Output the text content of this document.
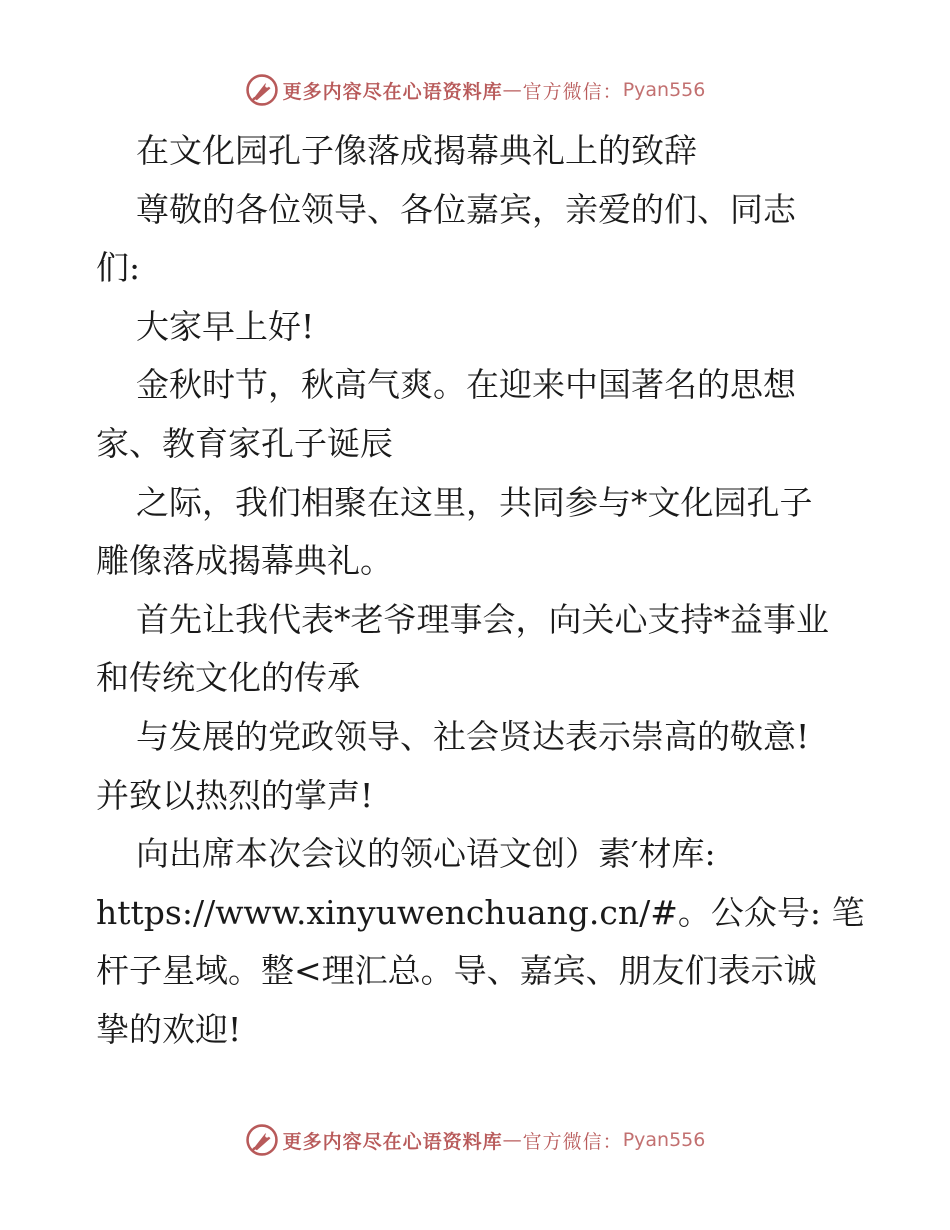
更多内容尽在心语资料库 — 官方微信： Pyan556

在文化园孔子像落成揭幕典礼上的致辞

尊敬的各位领导、各位嘉宾，亲爱的们、同志
们:

大家早上好!

金秋时节，秋高气爽。在迎来中国著名的思想
家、教育家孔子诞辰

之际，我们相聚在这里，共同参与*文化园孔子
雕像落成揭幕典礼。

首先让我代表*老爷理事会，向关心支持*益事业
和传统文化的传承

与发展的党政领导、社会贤达表示崇高的敬意!
并致以热烈的掌声!

向出席本次会议的领心语文创）素′材库:
https://www.xinyuwenchuang.cn/#。公众号: 笔
杆子星域。整<理汇总。导、嘉宾、朋友们表示诚
挚的欢迎!

更多内容尽在心语资料库 — 官方微信： Pyan556
